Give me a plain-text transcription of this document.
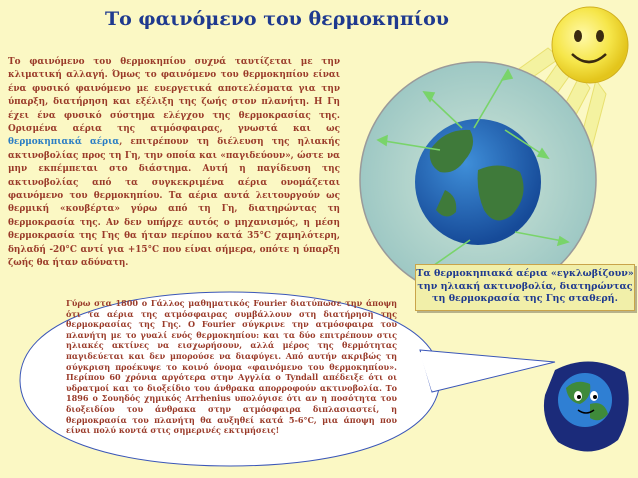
Το φαινόμενο του θερμοκηπίου
Το φαινόμενο του θερμοκηπίου συχνά ταυτίζεται με την κλιματική αλλαγή. Όμως το φαινόμενο του θερμοκηπίου είναι ένα φυσικό φαινόμενο με ευεργετικά αποτελέσματα για την ύπαρξη, διατήρηση και εξέλιξη της ζωής στον πλανήτη. Η Γη έχει ένα φυσικό σύστημα ελέγχου της θερμοκρασίας της. Ορισμένα αέρια της ατμόσφαιρας, γνωστά και ως θερμοκηπιακά αέρια, επιτρέπουν τη διέλευση της ηλιακής ακτινοβολίας προς τη Γη, την οποία και «παγιδεύουν», ώστε να μην εκπέμπεται στο διάστημα. Αυτή η παγίδευση της ακτινοβολίας από τα συγκεκριμένα αέρια ονομάζεται φαινόμενο του θερμοκηπίου. Τα αέρια αυτά λειτουργούν ως θερμική «κουβέρτα» γύρω από τη Γη, διατηρώντας τη θερμοκρασία της. Αν δεν υπήρχε αυτός ο μηχανισμός, η μέση θερμοκρασία της Γης θα ήταν περίπου κατά 35°C χαμηλότερη, δηλαδή -20°C αντί για +15°C που είναι σήμερα, οπότε η ύπαρξη ζωής θα ήταν αδύνατη.
Τα θερμοκηπιακά αέρια «εγκλωβίζουν»
την ηλιακή ακτινοβολία, διατηρώντας
τη θερμοκρασία της Γης σταθερή.
Γύρω στα 1800 ο Γάλλος μαθηματικός Fourier διατύπωσε την άποψη ότι τα αέρια της ατμόσφαιρας συμβάλλουν στη διατήρηση της θερμοκρασίας της Γης. Ο Fourier σύγκρινε την ατμόσφαιρα του πλανήτη με το γυαλί ενός θερμοκηπίου: και τα δύο επιτρέπουν στις ηλιακές ακτίνες να εισχωρήσουν, αλλά μέρος της θερμότητας παγιδεύεται και δεν μπορούσε να διαφύγει. Από αυτήν ακριβώς τη σύγκριση προέκυψε το κοινό όνομα «φαινόμενο του θερμοκηπίου». Περίπου 60 χρόνια αργότερα στην Αγγλία ο Tyndall απέδειξε ότι οι υδρατμοί και το διοξείδιο του άνθρακα απορροφούν ακτινοβολία. Το 1896 ο Σουηδός χημικός Arrhenius υπολόγισε ότι αν η ποσότητα του διοξειδίου του άνθρακα στην ατμόσφαιρα διπλασιαστεί, η θερμοκρασία του πλανήτη θα αυξηθεί κατά 5-6°C, μια άποψη που είναι πολύ κοντά στις σημερινές εκτιμήσεις!
